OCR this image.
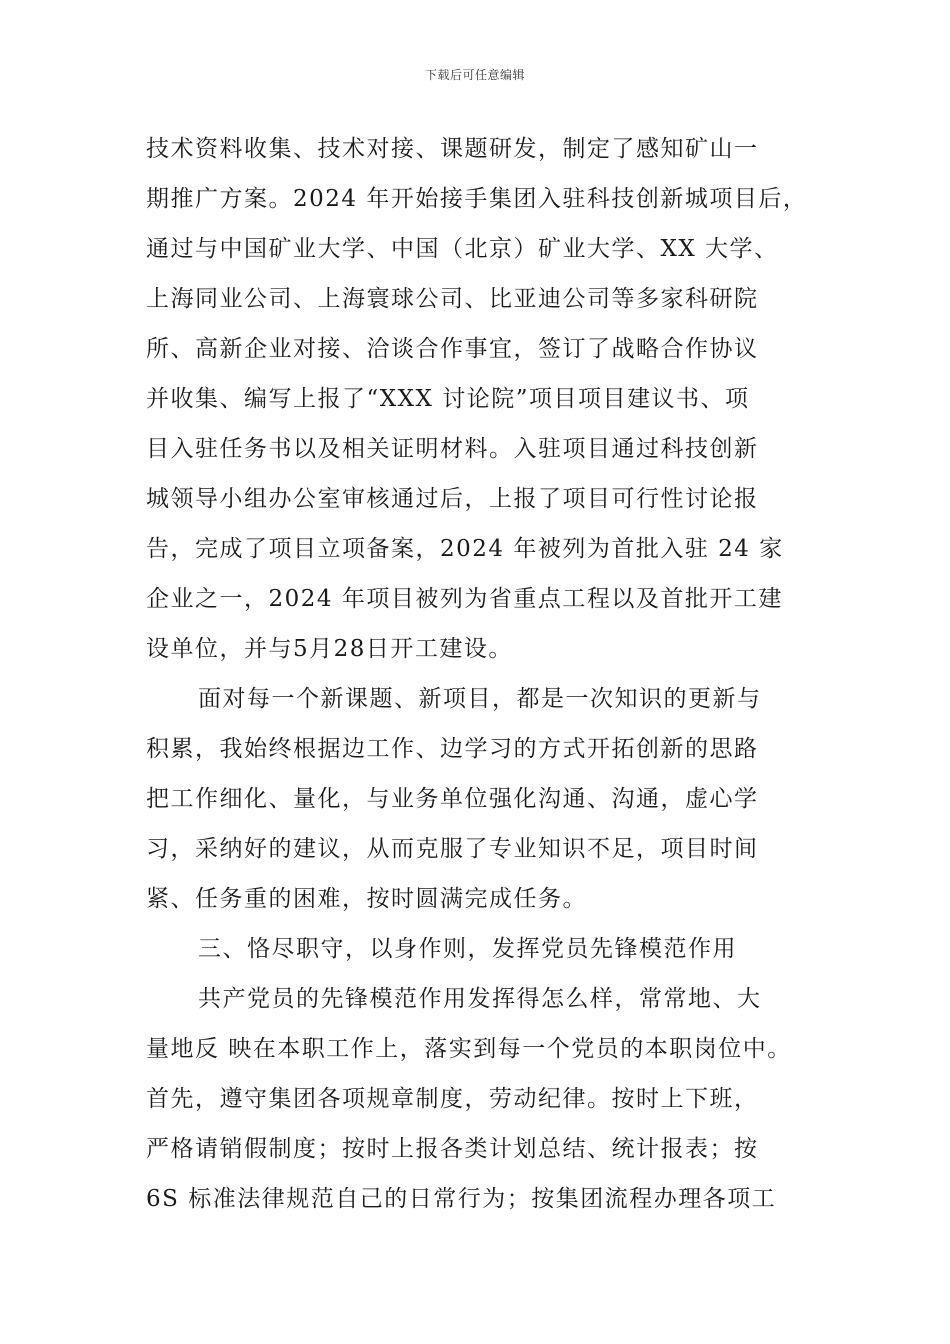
下载后可任意编辑
技术资料收集、技术对接、课题研发，制定了感知矿山一
期推广方案。2024 年开始接手集团入驻科技创新城项目后，
通过与中国矿业大学、中国（北京）矿业大学、XX 大学、
上海同业公司、上海寰球公司、比亚迪公司等多家科研院
所、高新企业对接、洽谈合作事宜，签订了战略合作协议
并收集、编写上报了“XXX 讨论院”项目项目建议书、项
目入驻任务书以及相关证明材料。入驻项目通过科技创新
城领导小组办公室审核通过后，上报了项目可行性讨论报
告，完成了项目立项备案，2024 年被列为首批入驻 24 家
企业之一，2024 年项目被列为省重点工程以及首批开工建
设单位，并与5月28日开工建设。
面对每一个新课题、新项目，都是一次知识的更新与
积累，我始终根据边工作、边学习的方式开拓创新的思路
把工作细化、量化，与业务单位强化沟通、沟通，虚心学
习，采纳好的建议，从而克服了专业知识不足，项目时间
紧、任务重的困难，按时圆满完成任务。
三、恪尽职守，以身作则，发挥党员先锋模范作用
共产党员的先锋模范作用发挥得怎么样，常常地、大
量地反 映在本职工作上，落实到每一个党员的本职岗位中。
首先，遵守集团各项规章制度，劳动纪律。按时上下班，
严格请销假制度；按时上报各类计划总结、统计报表；按
6S 标准法律规范自己的日常行为；按集团流程办理各项工
